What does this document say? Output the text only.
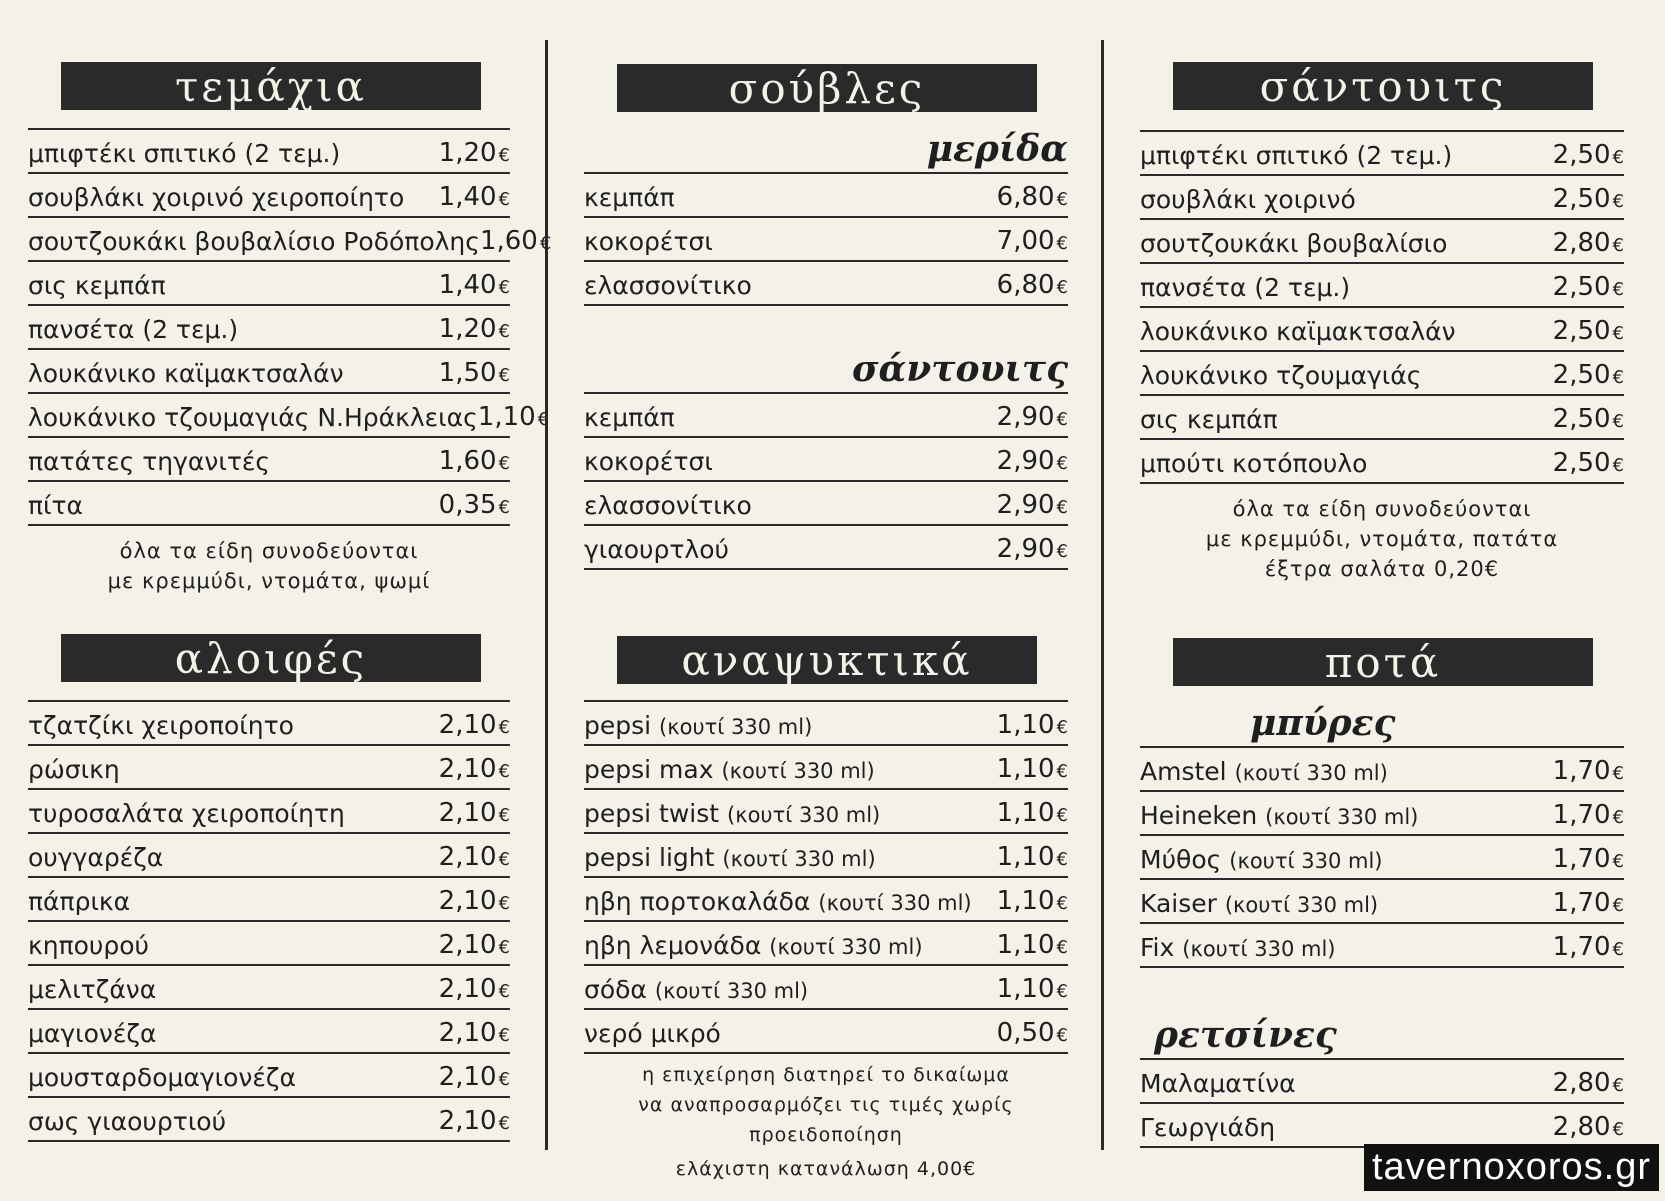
τεμάχια
μπιφτέκι σπιτικό (2 τεμ.)	1,20 €
σουβλάκι χοιρινό χειροποίητο 1,40 €
σουτζουκάκι βουβαλίσιο Ροδόπολης 1,60 €
σις κεμπάπ	1,40 €
πανσέτα (2 τεμ.)	1,20 €
λουκάνικο καϊμακτσαλάν	1,50 €
λουκάνικο τζουμαγιάς Ν.Ηράκλειας 1,10 €
πατάτες τηγανιτές	1,60 €
πίτα	0,35 €
όλα τα είδη συνοδεύονται
με κρεμμύδι, ντομάτα, ψωμί
αλοιφές
τζατζίκι χειροποίητο	2,10 €
ρώσικη	2,10 €
τυροσαλάτα χειροποίητη	2,10 €
ουγγαρέζα	2,10 €
πάπρικα	2,10 €
κηπουρού	2,10 €
μελιτζάνα	2,10 €
μαγιονέζα	2,10 €
μουσταρδομαγιονέζα	2,10 €
σως γιαουρτιού	2,10 €
σούβλες
μερίδα
κεμπάπ	6,80 €
κοκορέτσι	7,00 €
ελασσονίτικο	6,80 €
σάντουιτς
κεμπάπ	2,90 €
κοκορέτσι	2,90 €
ελασσονίτικο	2,90 €
γιαουρτλού	2,90 €
αναψυκτικά
pepsi (κουτί 330 ml)	1,10 €
pepsi max (κουτί 330 ml)	1,10 €
pepsi twist (κουτί 330 ml)	1,10 €
pepsi light (κουτί 330 ml)	1,10 €
ηβη πορτοκαλάδα (κουτί 330 ml) 1,10 €
ηβη λεμονάδα (κουτί 330 ml)	1,10 €
σόδα (κουτί 330 ml)	1,10 €
νερό μικρό	0,50 €
η επιχείρηση διατηρεί το δικαίωμα
να αναπροσαρμόζει τις τιμές χωρίς προειδοποίηση
ελάχιστη κατανάλωση 4,00€
σάντουιτς
μπιφτέκι σπιτικό (2 τεμ.)	2,50 €
σουβλάκι χοιρινό	2,50 €
σουτζουκάκι βουβαλίσιο	2,80 €
πανσέτα (2 τεμ.)	2,50 €
λουκάνικο καϊμακτσαλάν	2,50 €
λουκάνικο τζουμαγιάς	2,50 €
σις κεμπάπ	2,50 €
μπούτι κοτόπουλο	2,50 €
όλα τα είδη συνοδεύονται
με κρεμμύδι, ντομάτα, πατάτα
έξτρα σαλάτα 0,20€
ποτά
μπύρες
Amstel (κουτί 330 ml)	1,70 €
Heineken (κουτί 330 ml)	1,70 €
Μύθος (κουτί 330 ml)	1,70 €
Kaiser (κουτί 330 ml)	1,70 €
Fix (κουτί 330 ml)	1,70 €
ρετσίνες
Μαλαματίνα	2,80 €
Γεωργιάδη	2,80 €
tavernoxoros.gr
